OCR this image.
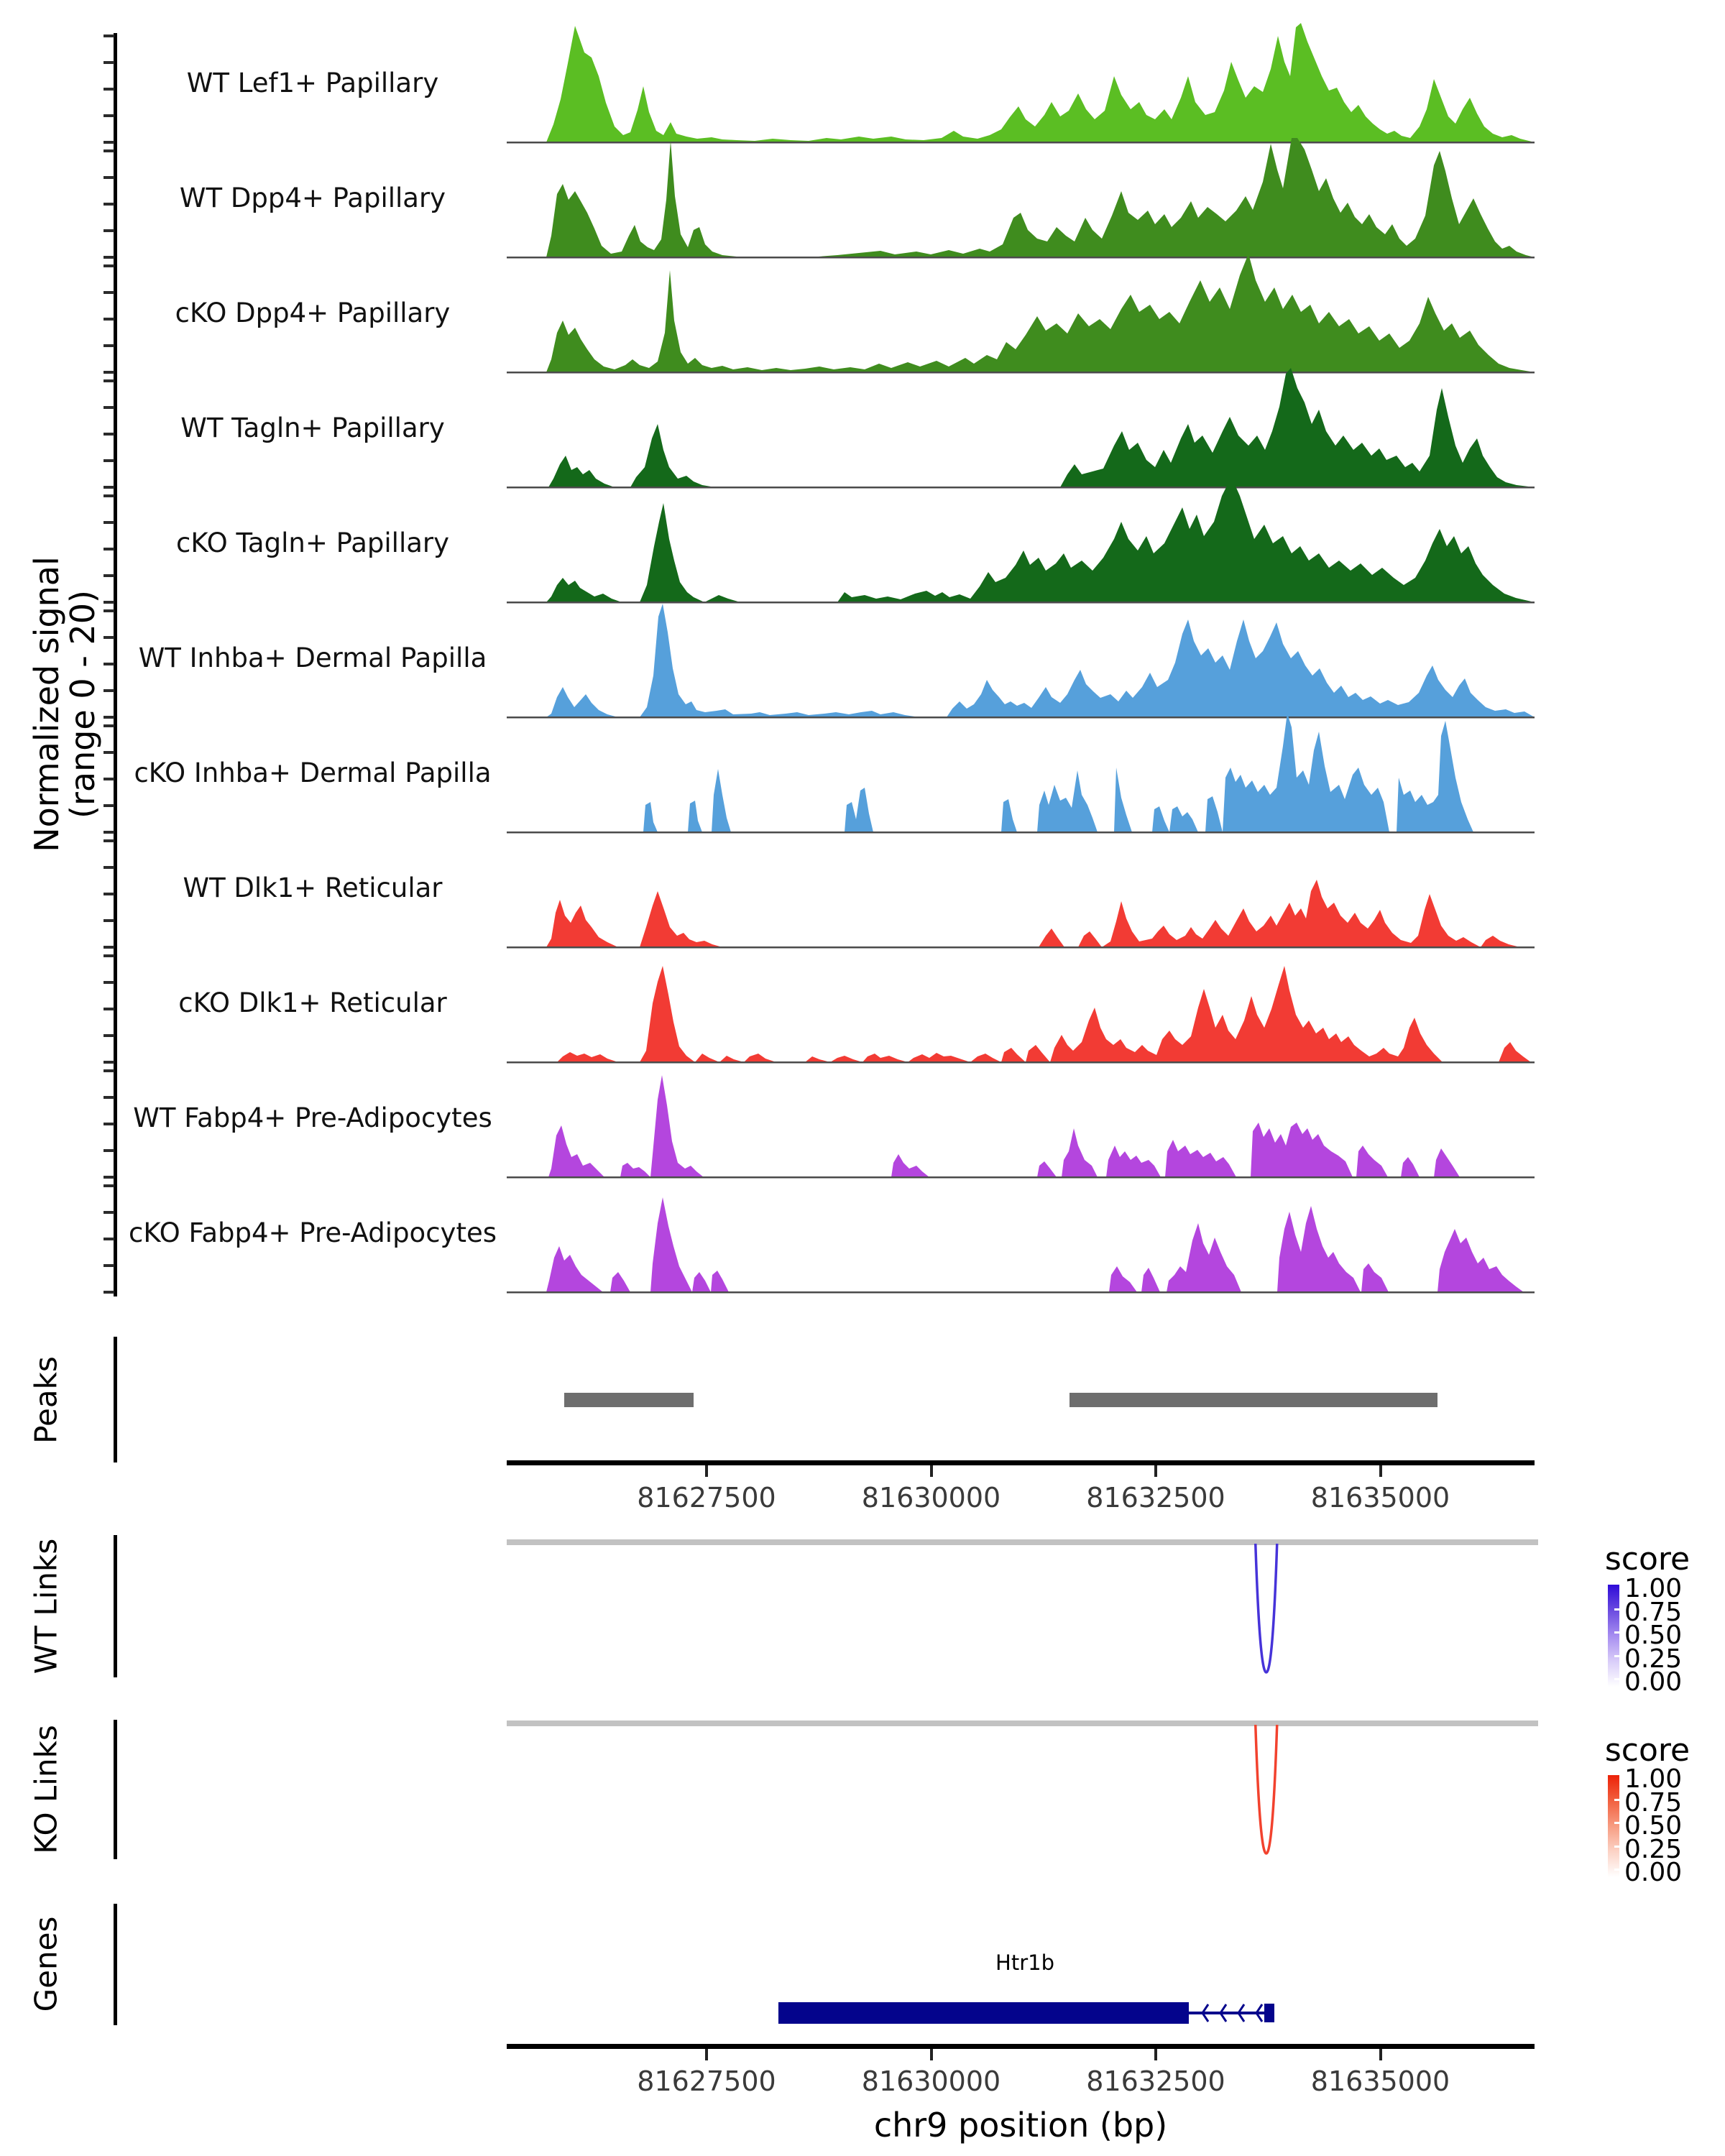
Normalized signal
(range 0 - 20)
Peaks
WT Links
KO Links
Genes
WT Lef1+ Papillary
WT Dpp4+ Papillary
cKO Dpp4+ Papillary
WT Tagln+ Papillary
cKO Tagln+ Papillary
WT Inhba+ Dermal Papilla
cKO Inhba+ Dermal Papilla
WT Dlk1+ Reticular
cKO Dlk1+ Reticular
WT Fabp4+ Pre-Adipocytes
cKO Fabp4+ Pre-Adipocytes
81627500	81630000	81632500	81635000
81627500	81630000	81632500	81635000
score
score
Htr1b
chr9 position (bp)
1.00
0.75
0.50
0.25
0.00
1.00
0.75
0.50
0.25
0.00
